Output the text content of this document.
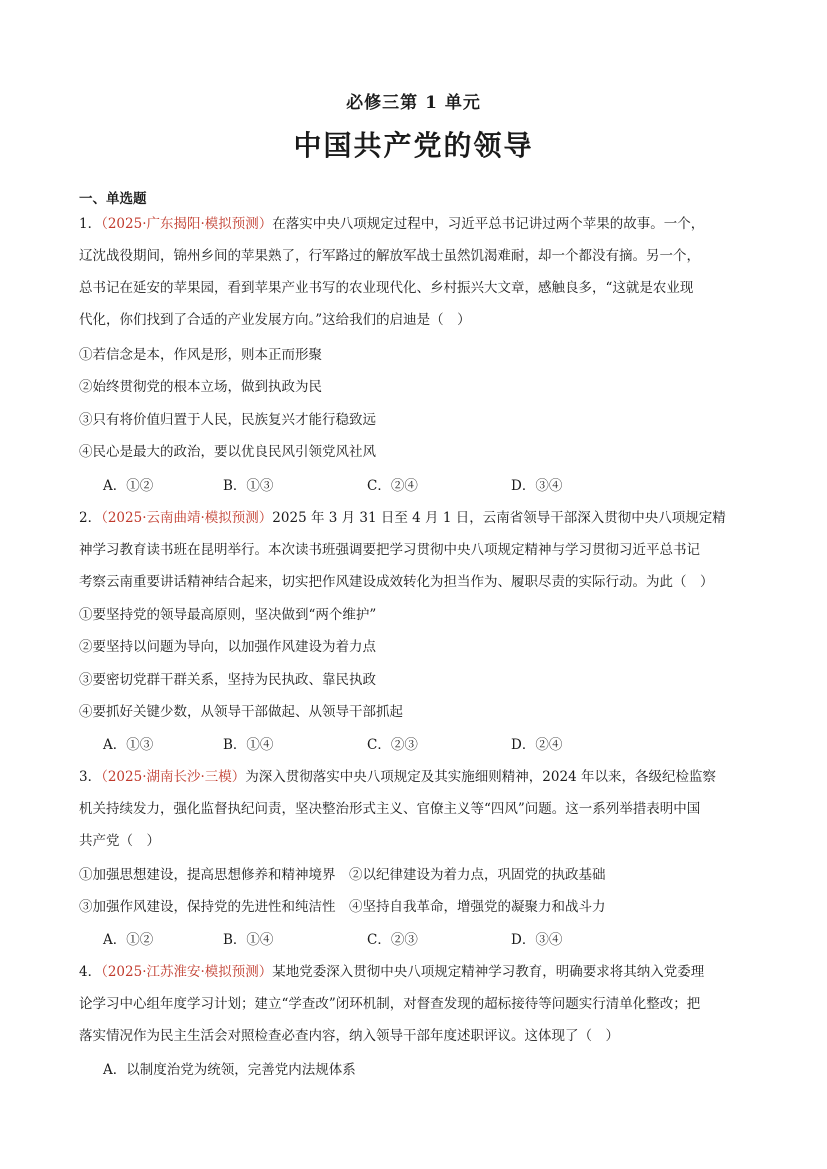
必修三第 1 单元
中国共产党的领导
一、单选题
1．（2025·广东揭阳·模拟预测）在落实中央八项规定过程中，习近平总书记讲过两个苹果的故事。一个，
辽沈战役期间，锦州乡间的苹果熟了，行军路过的解放军战士虽然饥渴难耐，却一个都没有摘。另一个，
总书记在延安的苹果园，看到苹果产业书写的农业现代化、乡村振兴大文章，感触良多，“这就是农业现
代化，你们找到了合适的产业发展方向。”这给我们的启迪是（　）
①若信念是本，作风是形，则本正而形聚
②始终贯彻党的根本立场，做到执政为民
③只有将价值归置于人民，民族复兴才能行稳致远
④民心是最大的政治，要以优良民风引领党风社风
A．①②	B．①③	C．②④	D．③④
2．（2025·云南曲靖·模拟预测）2025 年 3 月 31 日至 4 月 1 日，云南省领导干部深入贯彻中央八项规定精
神学习教育读书班在昆明举行。本次读书班强调要把学习贯彻中央八项规定精神与学习贯彻习近平总书记
考察云南重要讲话精神结合起来，切实把作风建设成效转化为担当作为、履职尽责的实际行动。为此（　）
①要坚持党的领导最高原则，坚决做到“两个维护”
②要坚持以问题为导向，以加强作风建设为着力点
③要密切党群干群关系，坚持为民执政、靠民执政
④要抓好关键少数，从领导干部做起、从领导干部抓起
A．①③	B．①④	C．②③	D．②④
3．（2025·湖南长沙·三模）为深入贯彻落实中央八项规定及其实施细则精神，2024 年以来，各级纪检监察
机关持续发力，强化监督执纪问责，坚决整治形式主义、官僚主义等“四风”问题。这一系列举措表明中国
共产党（　）
①加强思想建设，提高思想修养和精神境界　②以纪律建设为着力点，巩固党的执政基础
③加强作风建设，保持党的先进性和纯洁性　④坚持自我革命，增强党的凝聚力和战斗力
A．①②	B．①④	C．②③	D．③④
4．（2025·江苏淮安·模拟预测）某地党委深入贯彻中央八项规定精神学习教育，明确要求将其纳入党委理
论学习中心组年度学习计划；建立“学查改”闭环机制，对督查发现的超标接待等问题实行清单化整改；把
落实情况作为民主生活会对照检查必查内容，纳入领导干部年度述职评议。这体现了（　）
A．以制度治党为统领，完善党内法规体系
